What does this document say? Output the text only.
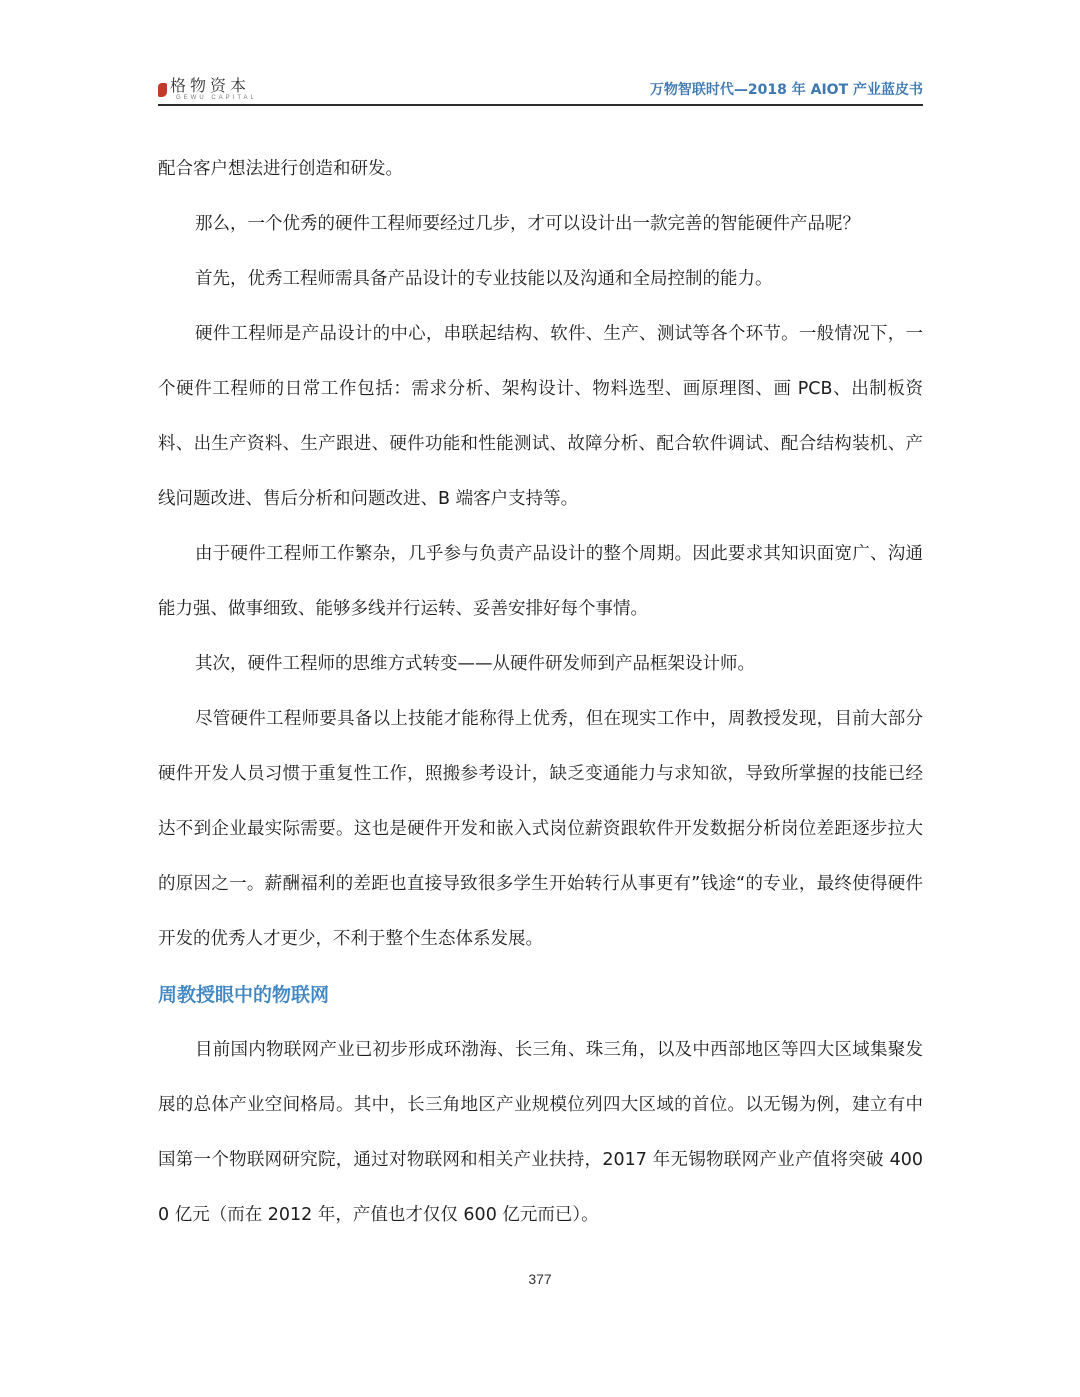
格物资本
GEWU CAPITAL	万物智联时代—2018 年 AIOT 产业蓝皮书

配合客户想法进行创造和研发。

那么，一个优秀的硬件工程师要经过几步，才可以设计出一款完善的智能硬件产品呢？

首先，优秀工程师需具备产品设计的专业技能以及沟通和全局控制的能力。

硬件工程师是产品设计的中心，串联起结构、软件、生产、测试等各个环节。一般情况下，一个硬件工程师的日常工作包括：需求分析、架构设计、物料选型、画原理图、画 PCB、出制板资料、出生产资料、生产跟进、硬件功能和性能测试、故障分析、配合软件调试、配合结构装机、产线问题改进、售后分析和问题改进、B 端客户支持等。

由于硬件工程师工作繁杂，几乎参与负责产品设计的整个周期。因此要求其知识面宽广、沟通能力强、做事细致、能够多线并行运转、妥善安排好每个事情。

其次，硬件工程师的思维方式转变——从硬件研发师到产品框架设计师。

尽管硬件工程师要具备以上技能才能称得上优秀，但在现实工作中，周教授发现，目前大部分硬件开发人员习惯于重复性工作，照搬参考设计，缺乏变通能力与求知欲，导致所掌握的技能已经达不到企业最实际需要。这也是硬件开发和嵌入式岗位薪资跟软件开发数据分析岗位差距逐步拉大的原因之一。薪酬福利的差距也直接导致很多学生开始转行从事更有”钱途“的专业，最终使得硬件开发的优秀人才更少，不利于整个生态体系发展。

周教授眼中的物联网

目前国内物联网产业已初步形成环渤海、长三角、珠三角，以及中西部地区等四大区域集聚发展的总体产业空间格局。其中，长三角地区产业规模位列四大区域的首位。以无锡为例，建立有中国第一个物联网研究院，通过对物联网和相关产业扶持，2017 年无锡物联网产业产值将突破 4000 亿元（而在 2012 年，产值也才仅仅 600 亿元而已）。

377
